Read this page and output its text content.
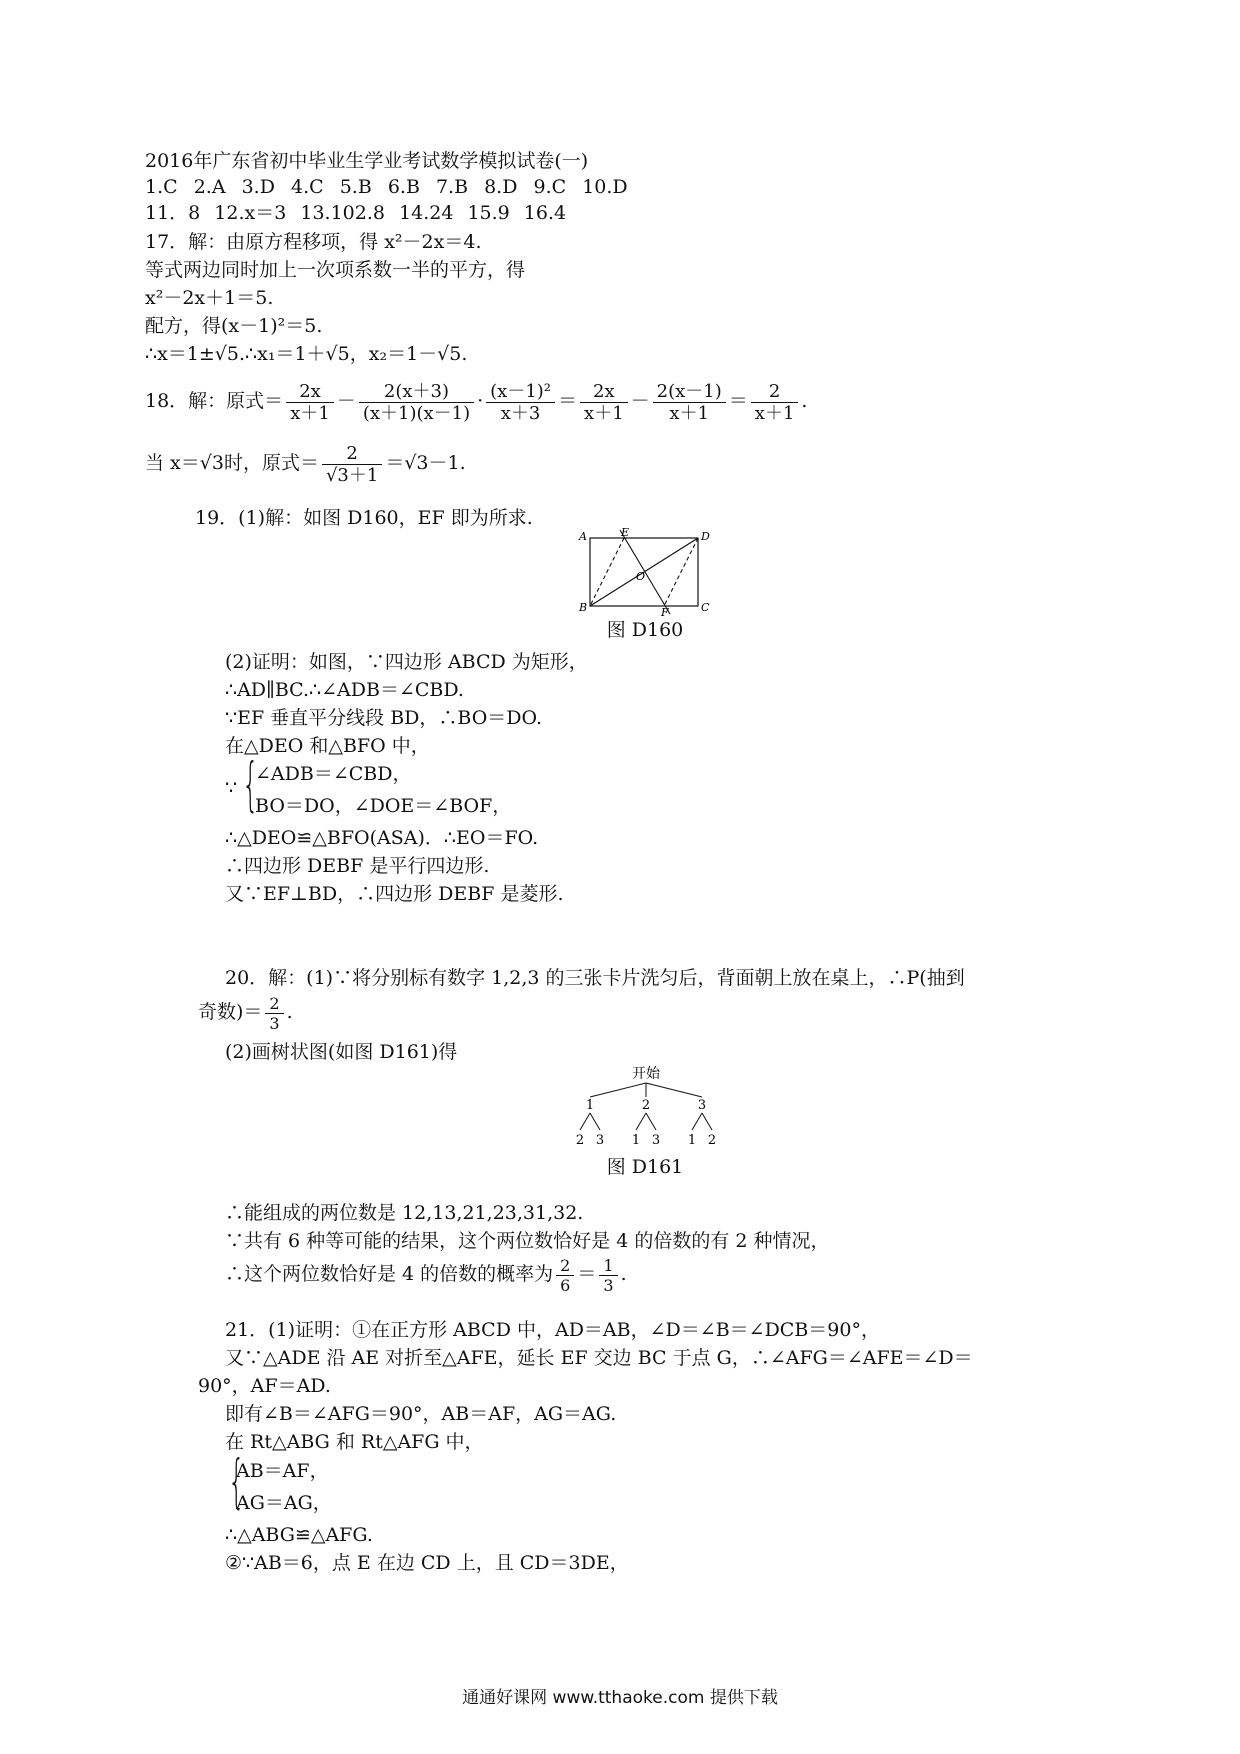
2016年广东省初中毕业生学业考试数学模拟试卷(一)
1.C 2.A 3.D 4.C 5.B 6.B 7.B 8.D 9.C 10.D
11．8 12.x＝3 13.102.8 14.24 15.9 16.4
17．解：由原方程移项，得 x²－2x＝4.
等式两边同时加上一次项系数一半的平方，得
x²－2x＋1＝5.
配方，得(x－1)²＝5.
∴x＝1±√5.∴x₁＝1＋√5，x₂＝1－√5.
18．解：原式＝ $\frac{2x}{x+1} - \frac{2(x+3)}{(x+1)(x-1)} \cdot \frac{\text{(x－1)²}}{x+3} = \frac{2x}{x+1} - \frac{2(x-1)}{x+1} = \frac{2}{x+1}$ .
当 x＝√3时，原式＝ $\frac{2}{√3+1} =√3-1$.
19．(1)解：如图 D160，EF 即为所求.
A
B	C
D
E
F
O
图 D160
(2)证明：如图，∵四边形 ABCD 为矩形，
∴AD∥BC.∴∠ADB＝∠CBD.
∵EF 垂直平分线段 BD，∴BO＝DO.
在△DEO 和△BFO 中，
∵ {
∠ADB＝∠CBD，
BO＝DO，∠DOE＝∠BOF，
∴△DEO≌△BFO(ASA)．∴EO＝FO.
∴四边形 DEBF 是平行四边形.
又∵EF⊥BD，∴四边形 DEBF 是菱形.
20．解：(1)∵将分别标有数字 1,2,3 的三张卡片洗匀后，背面朝上放在桌上，∴P(抽到
奇数)＝ $\frac{2}{3}$ .
(2)画树状图(如图 D161)得
开始
1	2	3
2 3 1 3 1 2
图 D161
∴能组成的两位数是 12,13,21,23,31,32.
∵共有 6 种等可能的结果，这个两位数恰好是 4 的倍数的有 2 种情况，
∴这个两位数恰好是 4 的倍数的概率为 $\frac{2}{6} = \frac{1}{3}$ .
21．(1)证明：①在正方形 ABCD 中，AD＝AB，∠D＝∠B＝∠DCB＝90°，
又∵△ADE 沿 AE 对折至△AFE，延长 EF 交边 BC 于点 G，∴∠AFG＝∠AFE＝∠D＝
90°，AF＝AD.
即有∠B＝∠AFG＝90°，AB＝AF，AG＝AG.
在 Rt△ABG 和 Rt△AFG 中，
{
AB＝AF，
AG＝AG，
∴△ABG≌△AFG.
②∵AB＝6，点 E 在边 CD 上，且 CD＝3DE，
通通好课网 www.tthaoke.com 提供下载
